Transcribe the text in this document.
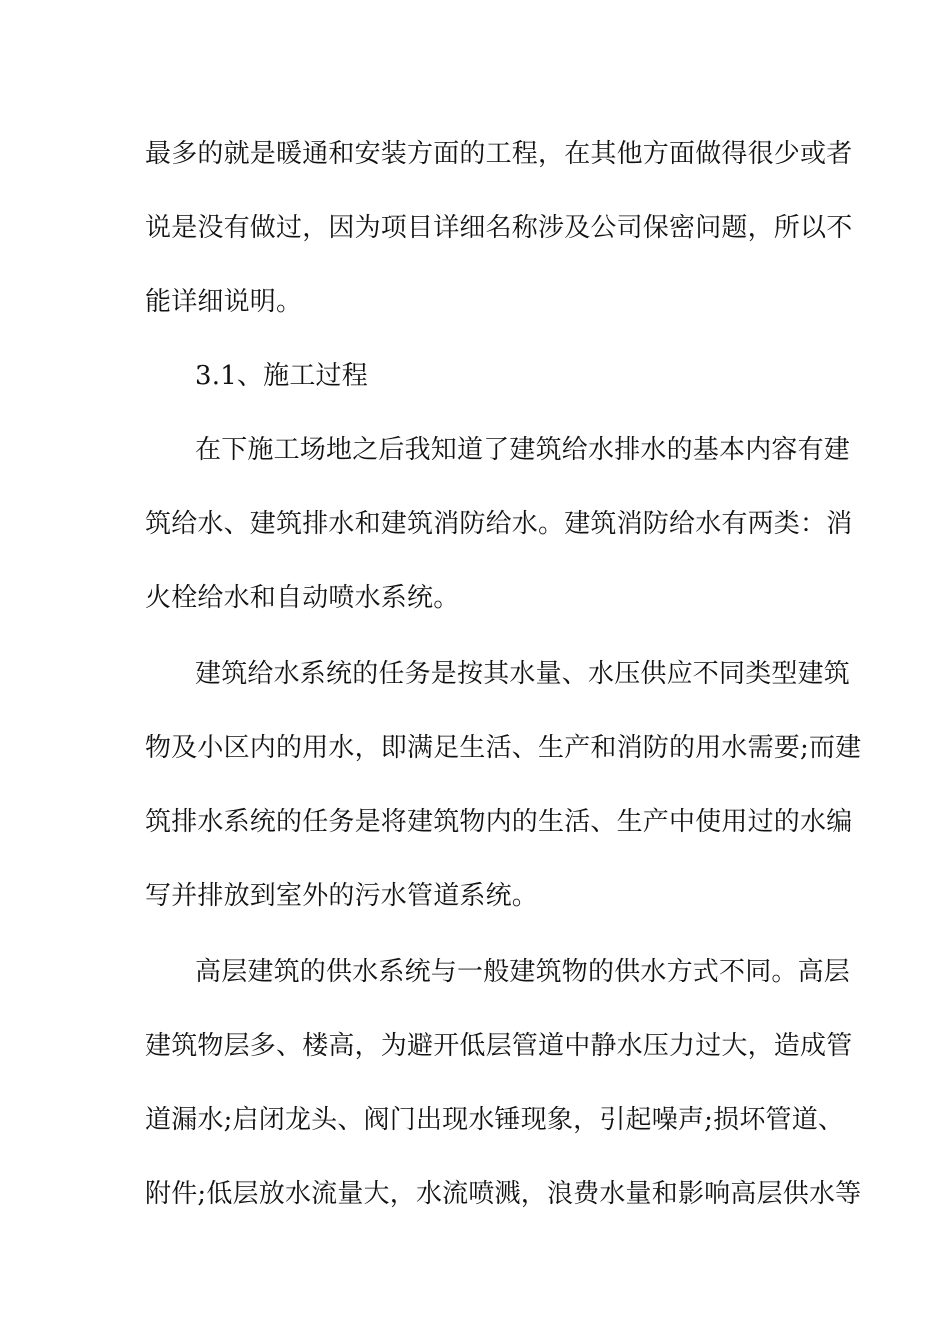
最多的就是暖通和安装方面的工程，在其他方面做得很少或者
说是没有做过，因为项目详细名称涉及公司保密问题，所以不
能详细说明。
3.1、施工过程
在下施工场地之后我知道了建筑给水排水的基本内容有建
筑给水、建筑排水和建筑消防给水。建筑消防给水有两类：消
火栓给水和自动喷水系统。
建筑给水系统的任务是按其水量、水压供应不同类型建筑
物及小区内的用水，即满足生活、生产和消防的用水需要;而建
筑排水系统的任务是将建筑物内的生活、生产中使用过的水编
写并排放到室外的污水管道系统。
高层建筑的供水系统与一般建筑物的供水方式不同。高层
建筑物层多、楼高，为避开低层管道中静水压力过大，造成管
道漏水;启闭龙头、阀门出现水锤现象，引起噪声;损坏管道、
附件;低层放水流量大，水流喷溅，浪费水量和影响高层供水等
